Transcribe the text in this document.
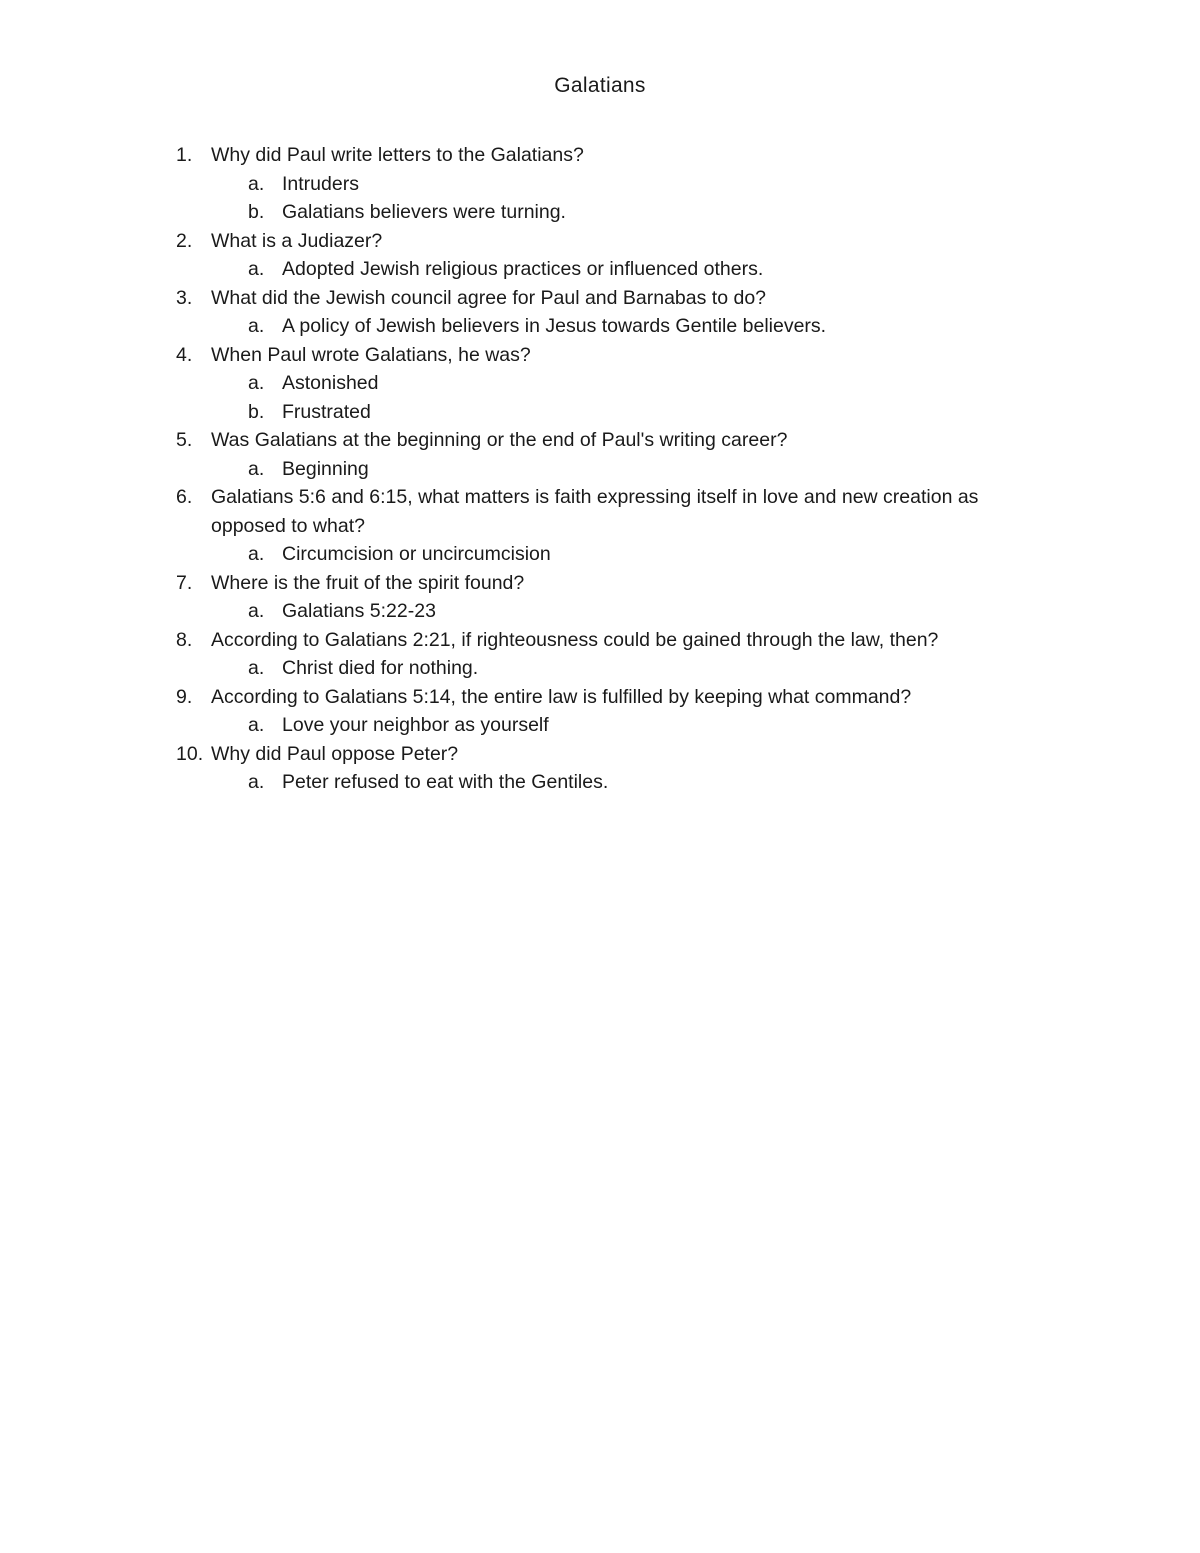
Galatians
1. Why did Paul write letters to the Galatians?
a. Intruders
b. Galatians believers were turning.
2. What is a Judiazer?
a. Adopted Jewish religious practices or influenced others.
3. What did the Jewish council agree for Paul and Barnabas to do?
a. A policy of Jewish believers in Jesus towards Gentile believers.
4. When Paul wrote Galatians, he was?
a. Astonished
b. Frustrated
5. Was Galatians at the beginning or the end of Paul's writing career?
a. Beginning
6. Galatians 5:6 and 6:15, what matters is faith expressing itself in love and new creation as opposed to what?
a. Circumcision or uncircumcision
7. Where is the fruit of the spirit found?
a. Galatians 5:22-23
8. According to Galatians 2:21, if righteousness could be gained through the law, then?
a. Christ died for nothing.
9. According to Galatians 5:14, the entire law is fulfilled by keeping what command?
a. Love your neighbor as yourself
10. Why did Paul oppose Peter?
a. Peter refused to eat with the Gentiles.
